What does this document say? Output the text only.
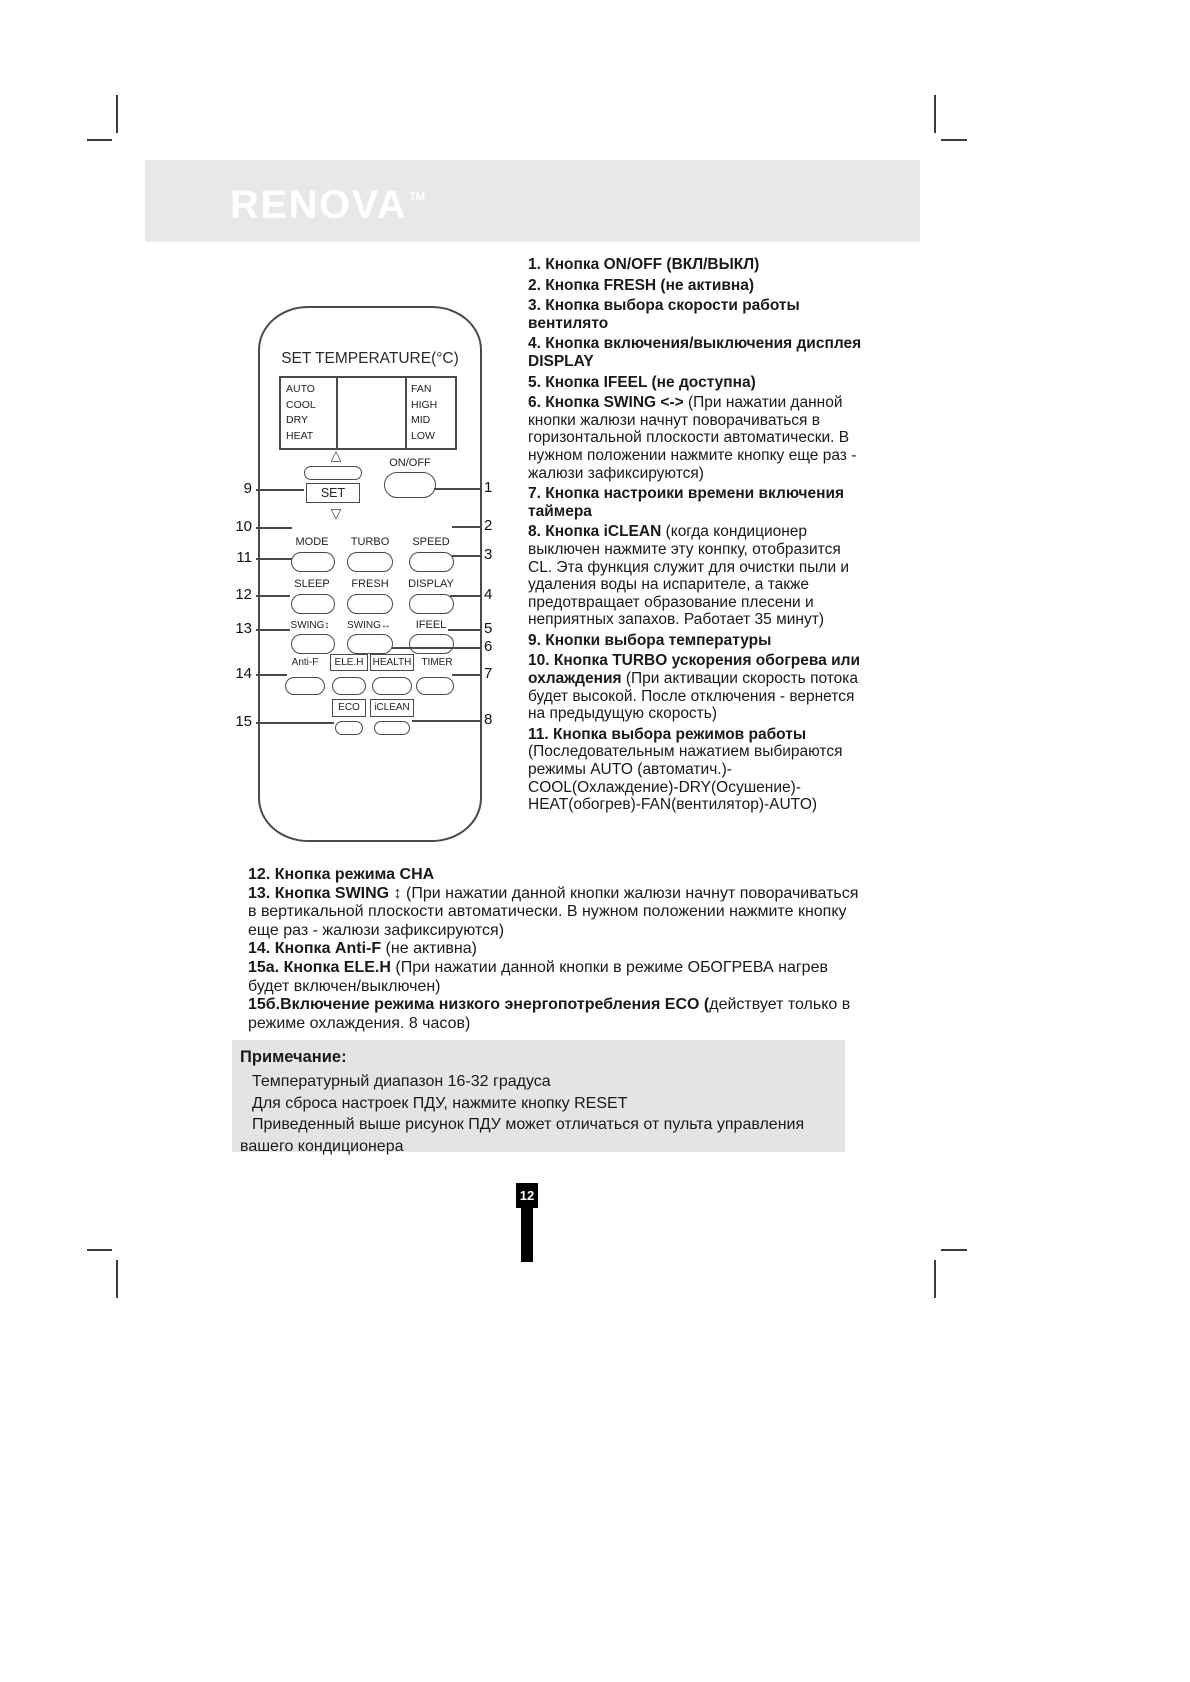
RENOVA ™
SET TEMPERATURE(°C)
AUTO
COOL
DRY
HEAT
FAN
HIGH
MID
LOW
△
SET
▽
ON/OFF
MODE	TURBO	SPEED
SLEEP	FRESH	DISPLAY
SWING↕	SWING↔	IFEEL
Anti-F	ELE.H HEALTH	TIMER
ECO	iCLEAN
9
10
11
12
13
14
15
1
2
3
4
5
6
7
8

1. Кнопка ON/OFF (ВКЛ/ВЫКЛ)

2. Кнопка FRESH (не активна)

3. Кнопка выбора скорости работы вентилято

4. Кнопка включения/выключения дисплея DISPLAY

5. Кнопка IFEEL (не доступна)

6. Кнопка SWING <-> (При нажатии данной кнопки жалюзи начнут поворачиваться в горизонтальной плоскости автоматически. В нужном положении нажмите кнопку еще раз - жалюзи зафиксируются)

7. Кнопка настроики времени включения таймера

8. Кнопка iCLEAN (когда кондиционер выключен нажмите эту конпку, отобразится CL. Эта функция служит для очистки пыли и удаления воды на испарителе, а также предотвращает образование плесени и неприятных запахов. Работает 35 минут)

9. Кнопки выбора температуры

10. Кнопка TURBO ускорения обогрева или охлаждения (При активации скорость потока будет высокой. После отключения - вернется на предыдущую скорость)

11. Кнопка выбора режимов работы (Последовательным нажатием выбираются режимы AUTO (автоматич.)-COOL(Охлаждение)-DRY(Осушение)-HEAT(обогрев)-FAN(вентилятор)-AUTO)

12. Кнопка режима СНА

13. Кнопка SWING ↕ (При нажатии данной кнопки жалюзи начнут поворачиваться в вертикальной плоскости автоматически. В нужном положении нажмите кнопку еще раз - жалюзи зафиксируются)

14. Кнопка Anti-F (не активна)

15а. Кнопка ELE.H (При нажатии данной кнопки в режиме ОБОГРЕВА нагрев будет включен/выключен)

15б.Включение режима низкого энергопотребления ECO (действует только в режиме охлаждения. 8 часов)

Примечание:

Температурный диапазон 16-32 градуса

Для сброса настроек ПДУ, нажмите кнопку RESET

Приведенный выше рисунок ПДУ может отличаться от пульта управления вашего кондиционера

12
